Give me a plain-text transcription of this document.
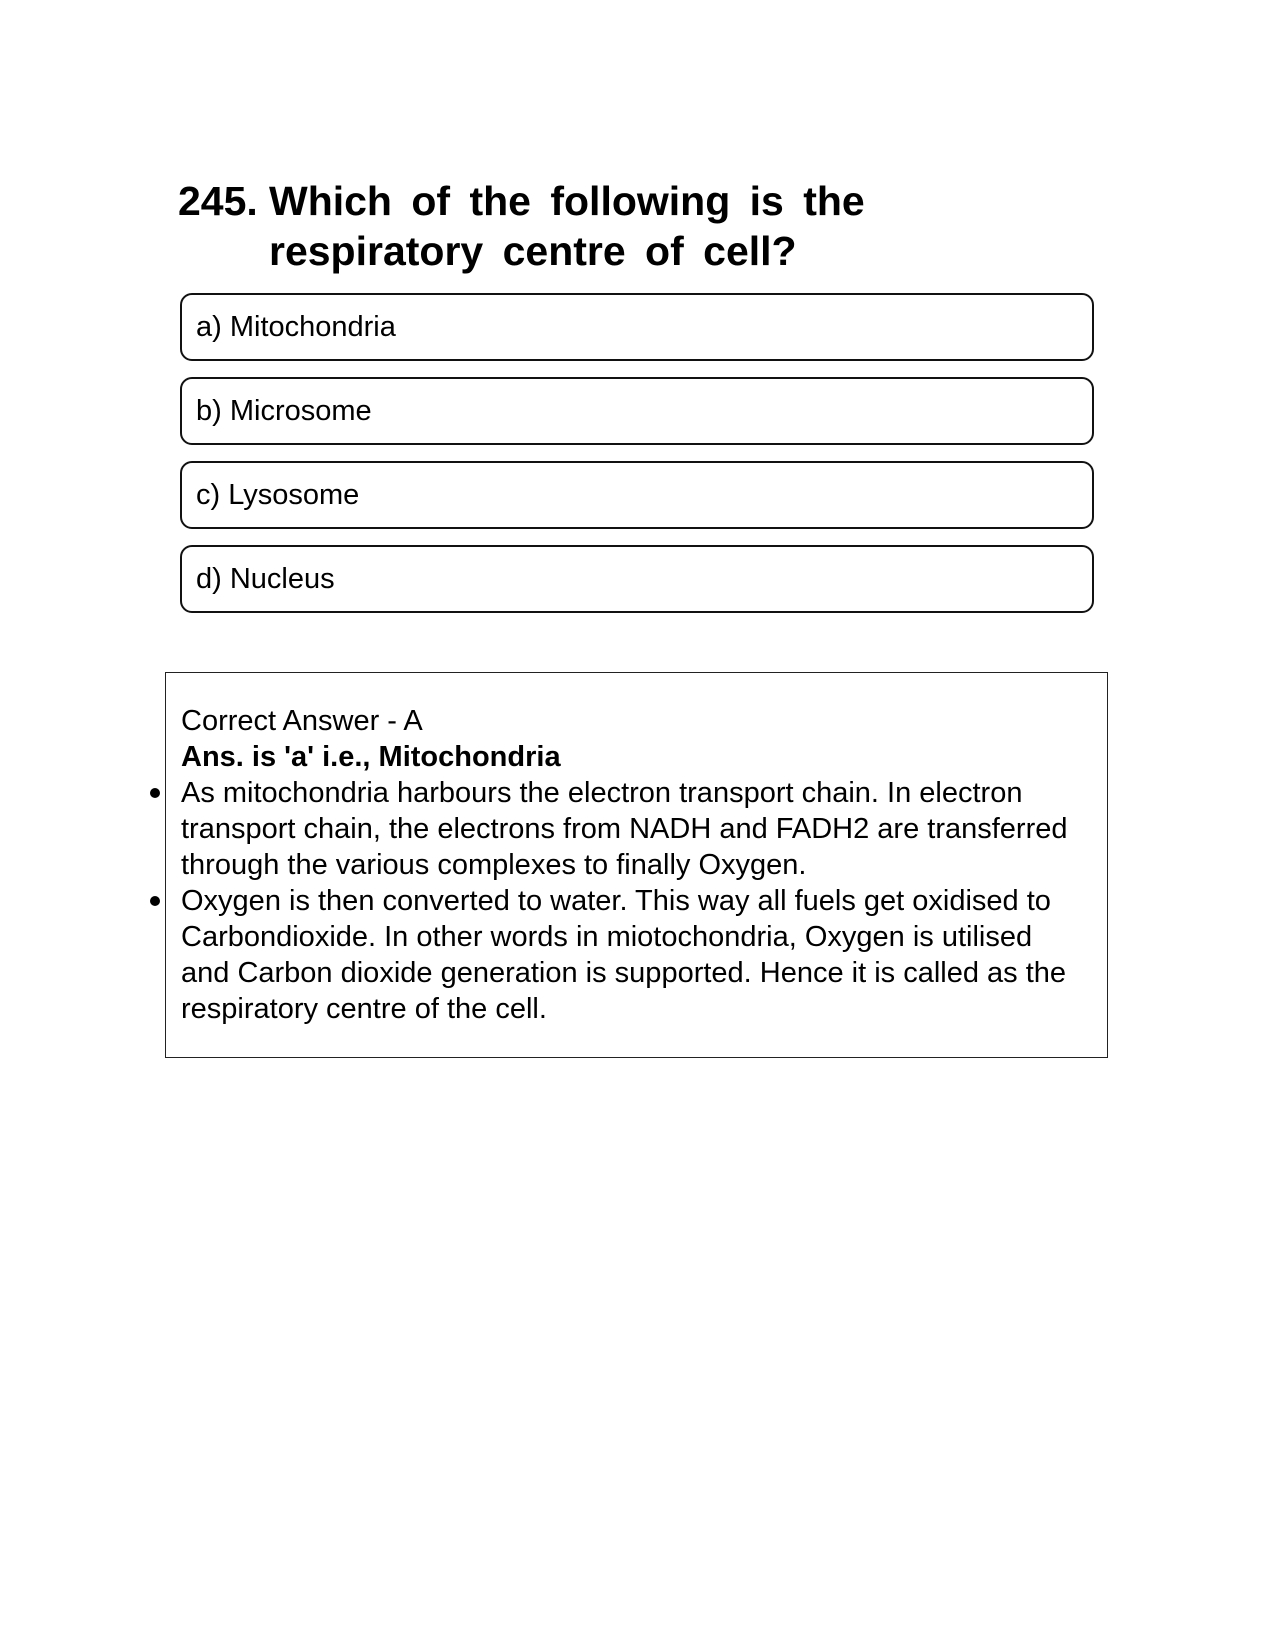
245. Which of the following is the respiratory centre of cell?
a) Mitochondria
b) Microsome
c) Lysosome
d) Nucleus
Correct Answer - A
Ans. is 'a' i.e., Mitochondria
As mitochondria harbours the electron transport chain. In electron transport chain, the electrons from NADH and FADH2 are transferred through the various complexes to finally Oxygen.
Oxygen is then converted to water. This way all fuels get oxidised to Carbondioxide. In other words in miotochondria, Oxygen is utilised and Carbon dioxide generation is supported. Hence it is called as the respiratory centre of the cell.
